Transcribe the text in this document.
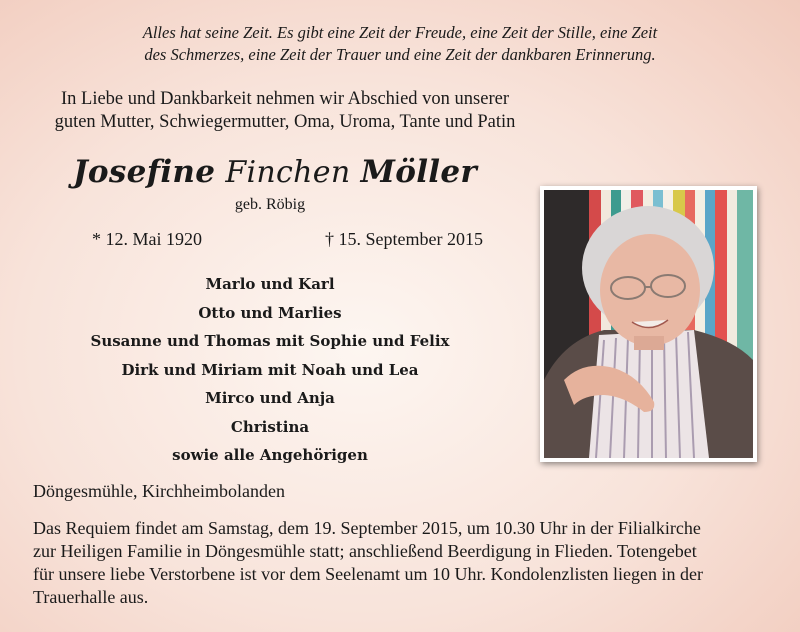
Alles hat seine Zeit. Es gibt eine Zeit der Freude, eine Zeit der Stille, eine Zeit
des Schmerzes, eine Zeit der Trauer und eine Zeit der dankbaren Erinnerung.
In Liebe und Dankbarkeit nehmen wir Abschied von unserer
guten Mutter, Schwiegermutter, Oma, Uroma, Tante und Patin
Josefine Finchen Möller
geb. Röbig
* 12. Mai 1920	† 15. September 2015
Marlo und Karl
Otto und Marlies
Susanne und Thomas mit Sophie und Felix
Dirk und Miriam mit Noah und Lea
Mirco und Anja
Christina
sowie alle Angehörigen
Döngesmühle, Kirchheimbolanden
Das Requiem findet am Samstag, dem 19. September 2015, um 10.30 Uhr in der Filialkirche
zur Heiligen Familie in Döngesmühle statt; anschließend Beerdigung in Flieden. Totengebet
für unsere liebe Verstorbene ist vor dem Seelenamt um 10 Uhr. Kondolenzlisten liegen in der
Trauerhalle aus.
